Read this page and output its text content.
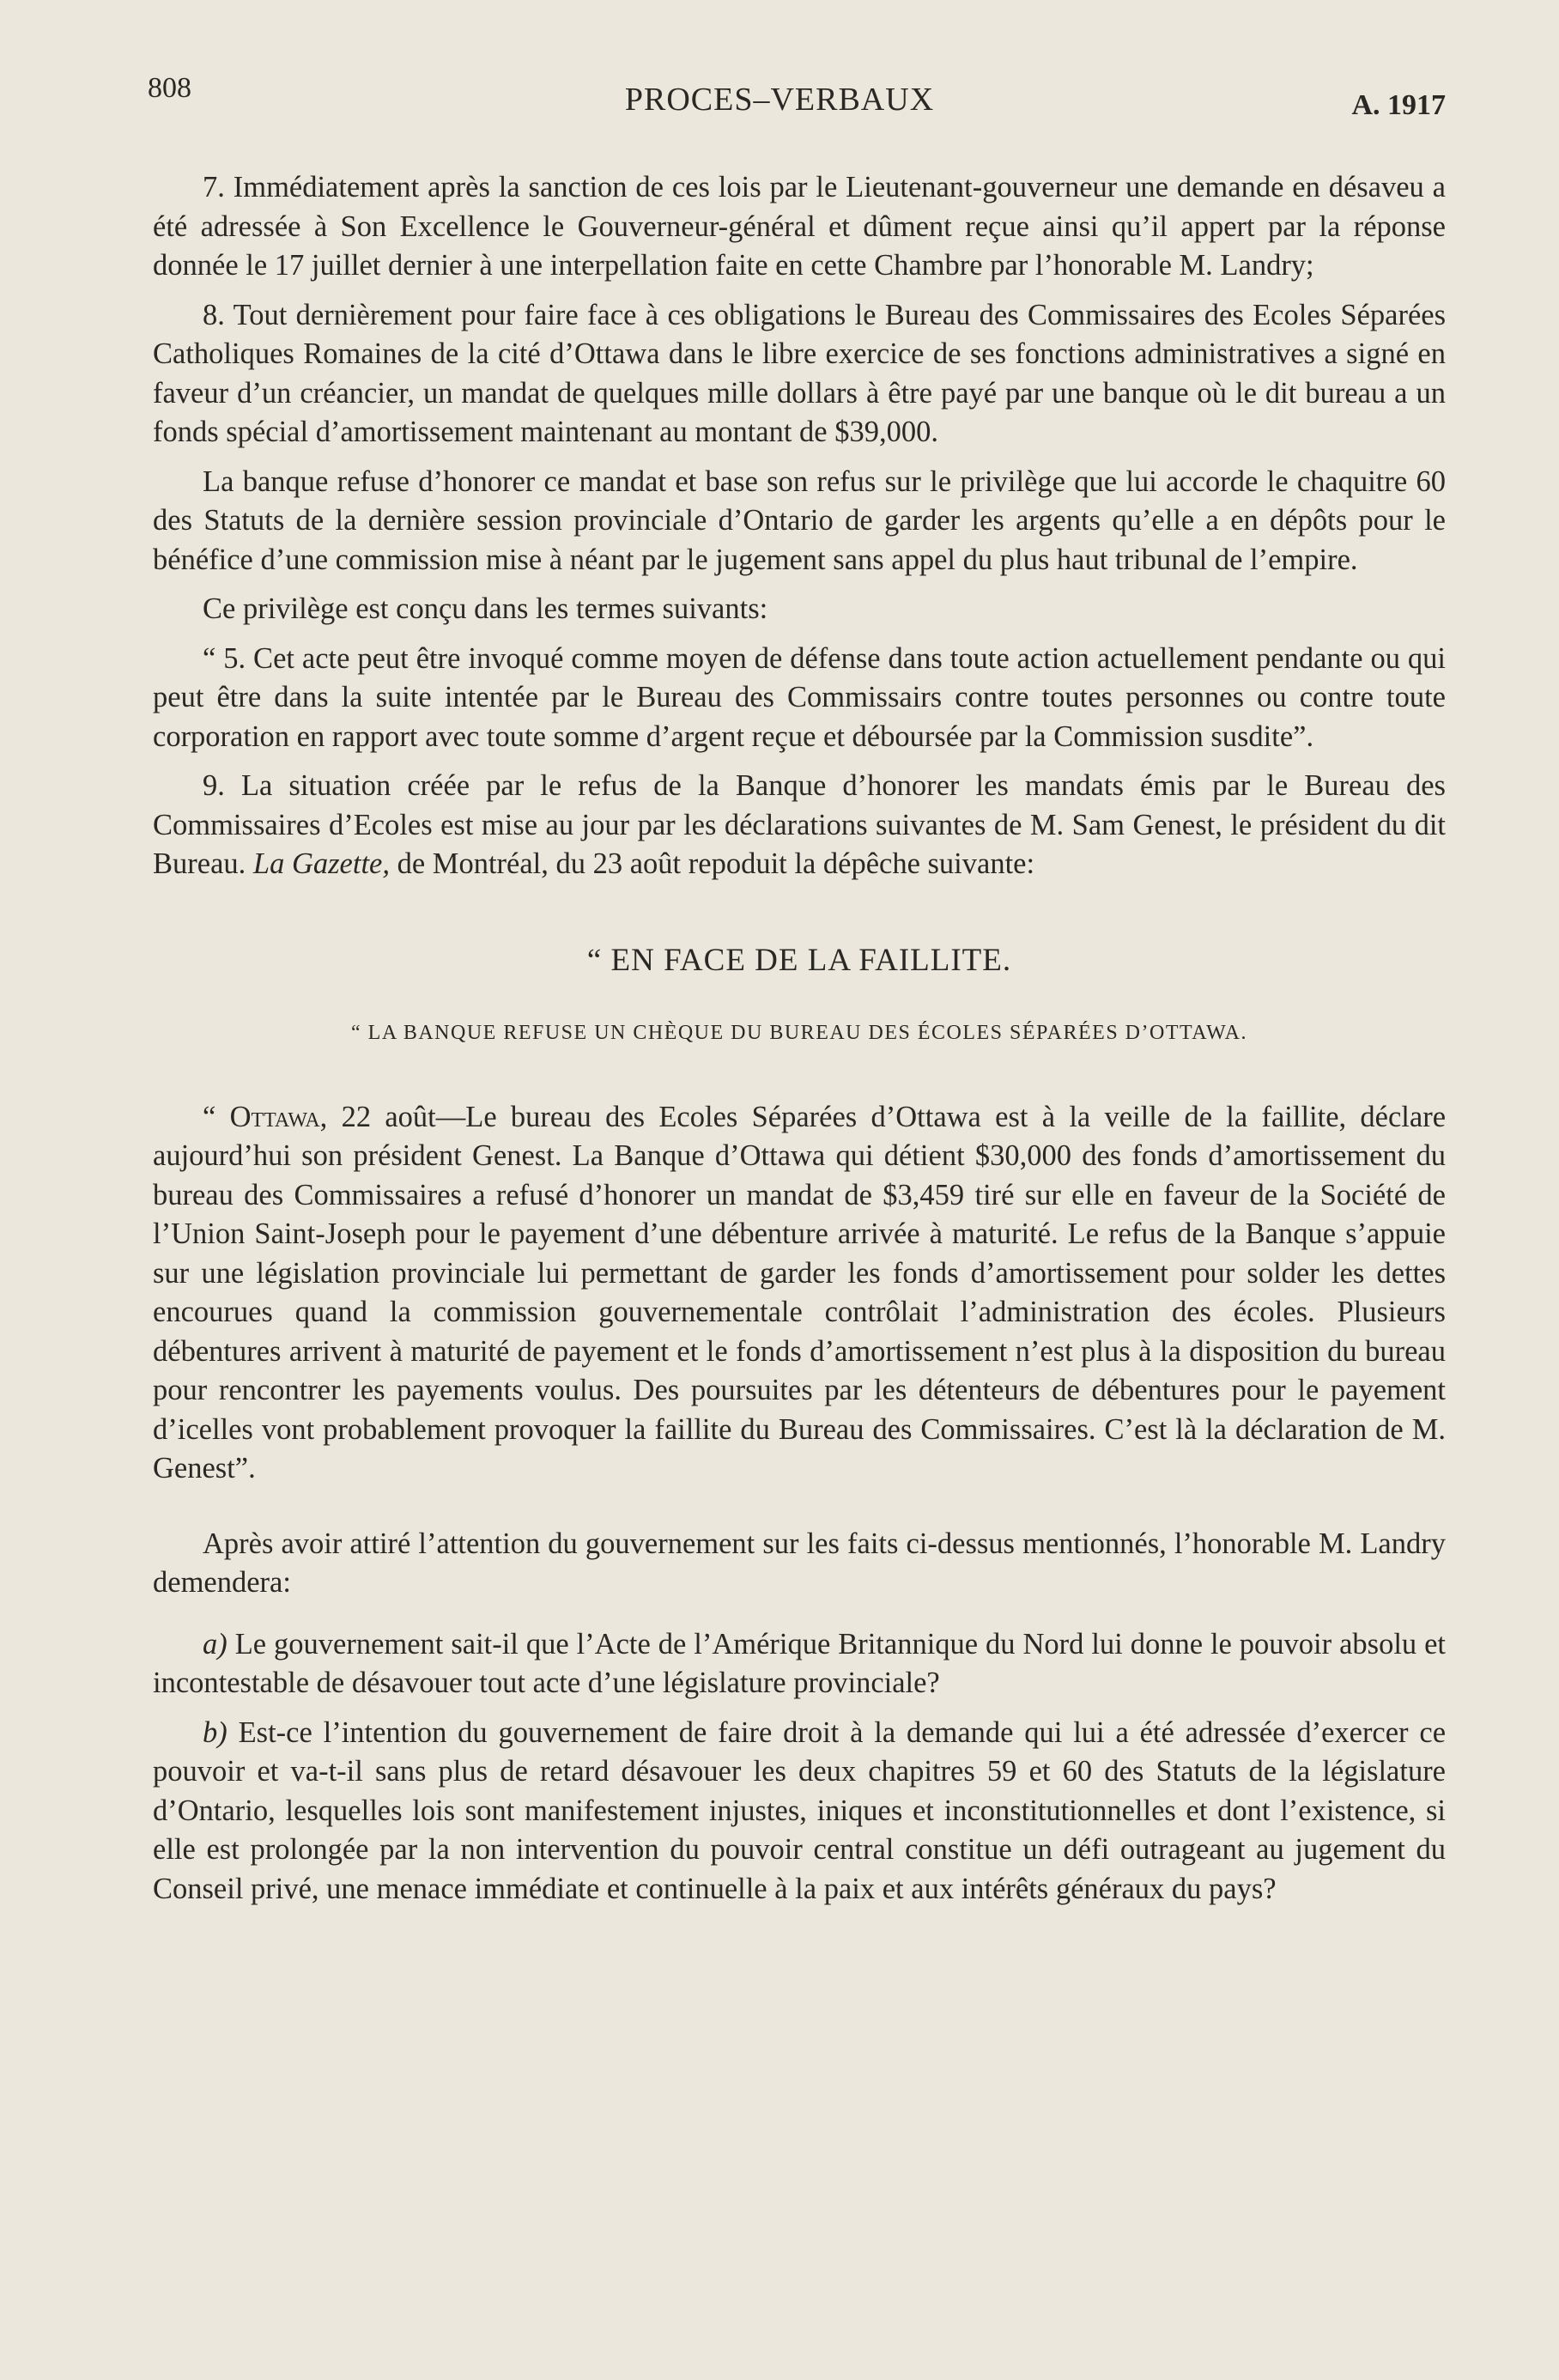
808	PROCES–VERBAUX	A. 1917

7. Immédiatement après la sanction de ces lois par le Lieutenant-gouverneur une demande en désaveu a été adressée à Son Excellence le Gouverneur-général et dûment reçue ainsi qu’il appert par la réponse donnée le 17 juillet dernier à une interpellation faite en cette Chambre par l’honorable M. Landry;

8. Tout dernièrement pour faire face à ces obligations le Bureau des Commissaires des Ecoles Séparées Catholiques Romaines de la cité d’Ottawa dans le libre exercice de ses fonctions administratives a signé en faveur d’un créancier, un mandat de quelques mille dollars à être payé par une banque où le dit bureau a un fonds spécial d’amortissement maintenant au montant de $39,000.

La banque refuse d’honorer ce mandat et base son refus sur le privilège que lui accorde le chaquitre 60 des Statuts de la dernière session provinciale d’Ontario de garder les argents qu’elle a en dépôts pour le bénéfice d’une commission mise à néant par le jugement sans appel du plus haut tribunal de l’empire.

Ce privilège est conçu dans les termes suivants:

“ 5. Cet acte peut être invoqué comme moyen de défense dans toute action actuellement pendante ou qui peut être dans la suite intentée par le Bureau des Commissairs contre toutes personnes ou contre toute corporation en rapport avec toute somme d’argent reçue et déboursée par la Commission susdite”.

9. La situation créée par le refus de la Banque d’honorer les mandats émis par le Bureau des Commissaires d’Ecoles est mise au jour par les déclarations suivantes de M. Sam Genest, le président du dit Bureau. La Gazette, de Montréal, du 23 août repoduit la dépêche suivante:

“ EN FACE DE LA FAILLITE.

“ LA BANQUE REFUSE UN CHÈQUE DU BUREAU DES ÉCOLES SÉPARÉES D’OTTAWA.

“ Ottawa, 22 août—Le bureau des Ecoles Séparées d’Ottawa est à la veille de la faillite, déclare aujourd’hui son président Genest. La Banque d’Ottawa qui détient $30,000 des fonds d’amortissement du bureau des Commissaires a refusé d’honorer un mandat de $3,459 tiré sur elle en faveur de la Société de l’Union Saint-Joseph pour le payement d’une débenture arrivée à maturité. Le refus de la Banque s’appuie sur une législation provinciale lui permettant de garder les fonds d’amortissement pour solder les dettes encourues quand la commission gouvernementale contrôlait l’administration des écoles. Plusieurs débentures arrivent à maturité de payement et le fonds d’amortissement n’est plus à la disposition du bureau pour rencontrer les payements voulus. Des poursuites par les détenteurs de débentures pour le payement d’icelles vont probablement provoquer la faillite du Bureau des Commissaires. C’est là la déclaration de M. Genest”.

Après avoir attiré l’attention du gouvernement sur les faits ci-dessus mentionnés, l’honorable M. Landry demendera:

a) Le gouvernement sait-il que l’Acte de l’Amérique Britannique du Nord lui donne le pouvoir absolu et incontestable de désavouer tout acte d’une législature provinciale?

b) Est-ce l’intention du gouvernement de faire droit à la demande qui lui a été adressée d’exercer ce pouvoir et va-t-il sans plus de retard désavouer les deux chapitres 59 et 60 des Statuts de la législature d’Ontario, lesquelles lois sont manifestement injustes, iniques et inconstitutionnelles et dont l’existence, si elle est prolongée par la non intervention du pouvoir central constitue un défi outrageant au jugement du Conseil privé, une menace immédiate et continuelle à la paix et aux intérêts généraux du pays?
